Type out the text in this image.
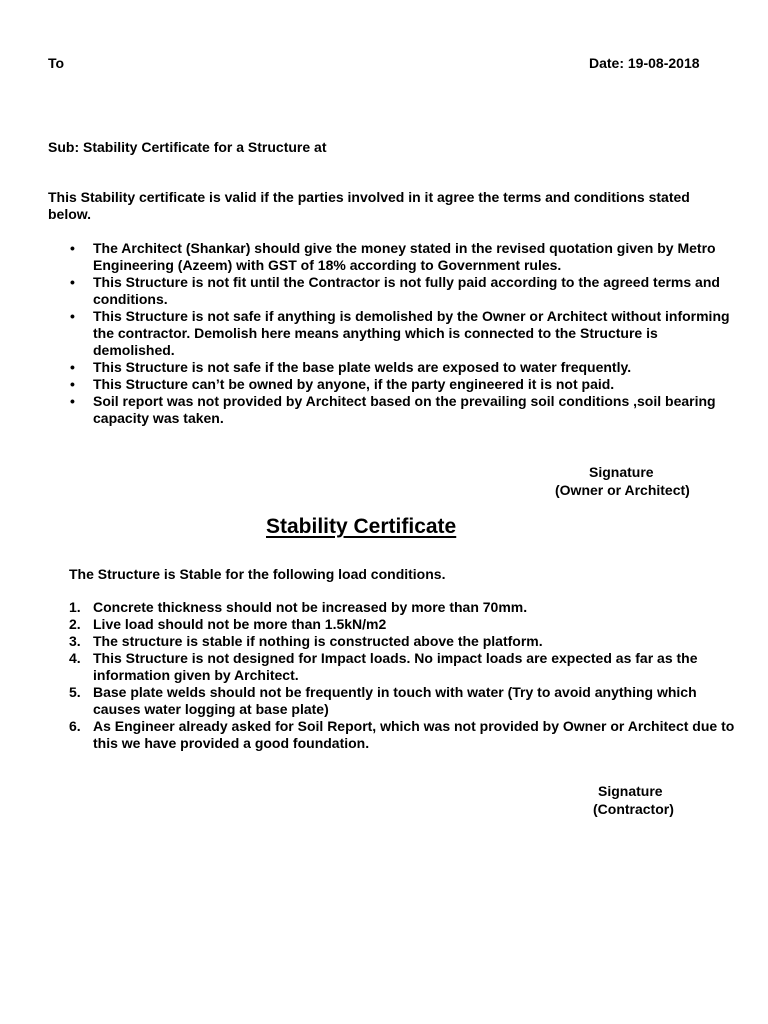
To	Date: 19-08-2018
Sub: Stability Certificate for a Structure at
This Stability certificate is valid if the parties involved in it agree the terms and conditions stated below.
• The Architect (Shankar) should give the money stated in the revised quotation given by Metro Engineering (Azeem) with GST of 18% according to Government rules.
• This Structure is not fit until the Contractor is not fully paid according to the agreed terms and conditions.
• This Structure is not safe if anything is demolished by the Owner or Architect without informing the contractor. Demolish here means anything which is connected to the Structure is demolished.
• This Structure is not safe if the base plate welds are exposed to water frequently.
• This Structure can’t be owned by anyone, if the party engineered it is not paid.
• Soil report was not provided by Architect based on the prevailing soil conditions ,soil bearing capacity was taken.
Signature
(Owner or Architect)
Stability Certificate
The Structure is Stable for the following load conditions.
1. Concrete thickness should not be increased by more than 70mm.
2. Live load should not be more than 1.5kN/m2
3. The structure is stable if nothing is constructed above the platform.
4. This Structure is not designed for Impact loads. No impact loads are expected as far as the information given by Architect.
5. Base plate welds should not be frequently in touch with water (Try to avoid anything which causes water logging at base plate)
6. As Engineer already asked for Soil Report, which was not provided by Owner or Architect due to this we have provided a good foundation.
Signature
(Contractor)
